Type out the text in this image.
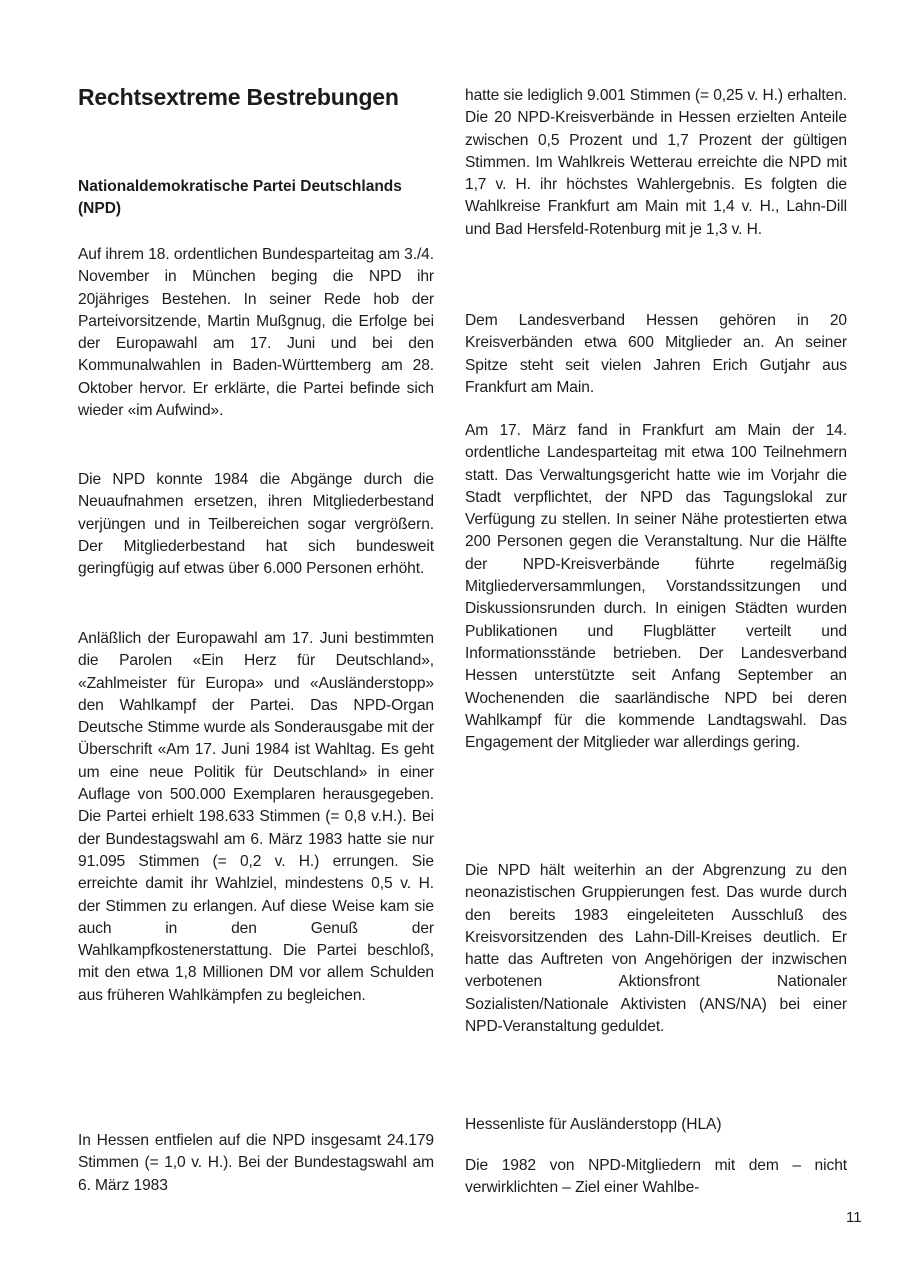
Rechtsextreme Bestrebungen
Nationaldemokratische Partei Deutschlands (NPD)

Auf ihrem 18. ordentlichen Bundesparteitag am 3./4. November in München beging die NPD ihr 20jähriges Bestehen. In seiner Rede hob der Parteivorsitzende, Martin Mußgnug, die Erfolge bei der Europawahl am 17. Juni und bei den Kommunalwahlen in Baden-Württemberg am 28. Oktober hervor. Er erklärte, die Partei befinde sich wieder «im Aufwind».

Die NPD konnte 1984 die Abgänge durch die Neuaufnahmen ersetzen, ihren Mitgliederbestand verjüngen und in Teilbereichen sogar vergrößern. Der Mitgliederbestand hat sich bundesweit geringfügig auf etwas über 6.000 Personen erhöht.

Anläßlich der Europawahl am 17. Juni bestimmten die Parolen «Ein Herz für Deutschland», «Zahlmeister für Europa» und «Ausländerstopp» den Wahlkampf der Partei. Das NPD-Organ Deutsche Stimme wurde als Sonderausgabe mit der Überschrift «Am 17. Juni 1984 ist Wahltag. Es geht um eine neue Politik für Deutschland» in einer Auflage von 500.000 Exemplaren herausgegeben. Die Partei erhielt 198.633 Stimmen (= 0,8 v.H.). Bei der Bundestagswahl am 6. März 1983 hatte sie nur 91.095 Stimmen (= 0,2 v. H.) errungen. Sie erreichte damit ihr Wahlziel, mindestens 0,5 v. H. der Stimmen zu erlangen. Auf diese Weise kam sie auch in den Genuß der Wahlkampfkostenerstattung. Die Partei beschloß, mit den etwa 1,8 Millionen DM vor allem Schulden aus früheren Wahlkämpfen zu begleichen.

In Hessen entfielen auf die NPD insgesamt 24.179 Stimmen (= 1,0 v. H.). Bei der Bundestagswahl am 6. März 1983

hatte sie lediglich 9.001 Stimmen (= 0,25 v. H.) erhalten. Die 20 NPD-Kreisverbände in Hessen erzielten Anteile zwischen 0,5 Prozent und 1,7 Prozent der gültigen Stimmen. Im Wahlkreis Wetterau erreichte die NPD mit 1,7 v. H. ihr höchstes Wahlergebnis. Es folgten die Wahlkreise Frankfurt am Main mit 1,4 v. H., Lahn-Dill und Bad Hersfeld-Rotenburg mit je 1,3 v. H.

Dem Landesverband Hessen gehören in 20 Kreisverbänden etwa 600 Mitglieder an. An seiner Spitze steht seit vielen Jahren Erich Gutjahr aus Frankfurt am Main.

Am 17. März fand in Frankfurt am Main der 14. ordentliche Landesparteitag mit etwa 100 Teilnehmern statt. Das Verwaltungsgericht hatte wie im Vorjahr die Stadt verpflichtet, der NPD das Tagungslokal zur Verfügung zu stellen. In seiner Nähe protestierten etwa 200 Personen gegen die Veranstaltung. Nur die Hälfte der NPD-Kreisverbände führte regelmäßig Mitgliederversammlungen, Vorstandssitzungen und Diskussionsrunden durch. In einigen Städten wurden Publikationen und Flugblätter verteilt und Informationsstände betrieben. Der Landesverband Hessen unterstützte seit Anfang September an Wochenenden die saarländische NPD bei deren Wahlkampf für die kommende Landtagswahl. Das Engagement der Mitglieder war allerdings gering.

Die NPD hält weiterhin an der Abgrenzung zu den neonazistischen Gruppierungen fest. Das wurde durch den bereits 1983 eingeleiteten Ausschluß des Kreisvorsitzenden des Lahn-Dill-Kreises deutlich. Er hatte das Auftreten von Angehörigen der inzwischen verbotenen Aktionsfront Nationaler Sozialisten/Nationale Aktivisten (ANS/NA) bei einer NPD-Veranstaltung geduldet.

Hessenliste für Ausländerstopp (HLA)

Die 1982 von NPD-Mitgliedern mit dem – nicht verwirklichten – Ziel einer Wahlbe-

11
